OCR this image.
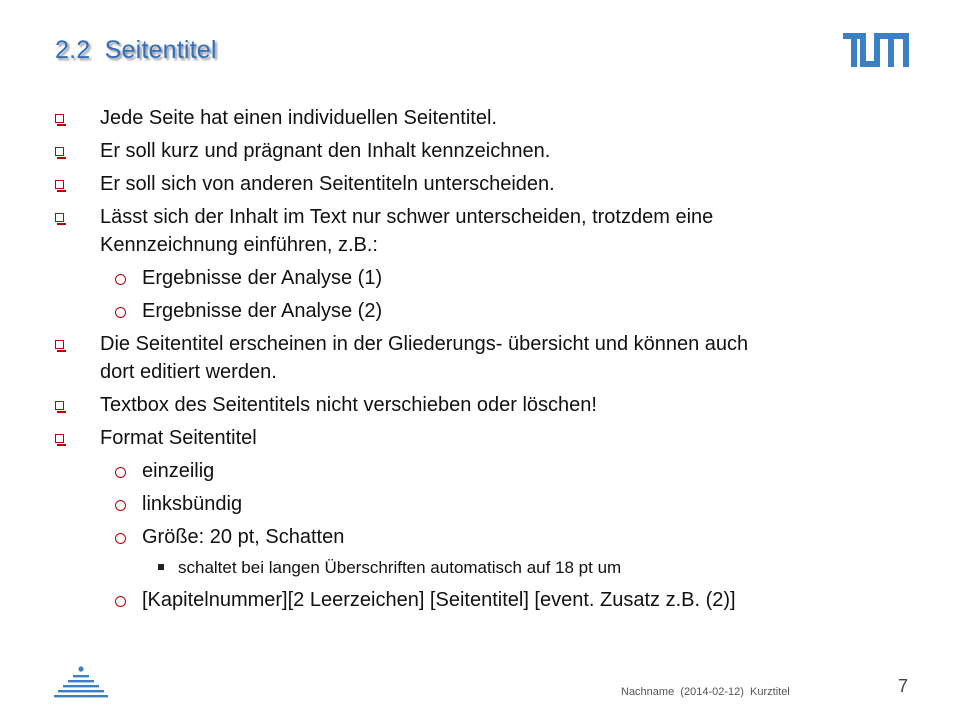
2.2  Seitentitel
Jede Seite hat einen individuellen Seitentitel.
Er soll kurz und prägnant den Inhalt kennzeichnen.
Er soll sich von anderen Seitentiteln unterscheiden.
Lässt sich der Inhalt im Text nur schwer unterscheiden, trotzdem eine
Kennzeichnung einführen, z.B.:
Ergebnisse der Analyse (1)
Ergebnisse der Analyse (2)
Die Seitentitel erscheinen in der Gliederungs- übersicht und können auch
dort editiert werden.
Textbox des Seitentitels nicht verschieben oder löschen!
Format Seitentitel
einzeilig
linksbündig
Größe: 20 pt, Schatten
schaltet bei langen Überschriften automatisch auf 18 pt um
[Kapitelnummer][2 Leerzeichen] [Seitentitel] [event. Zusatz z.B. (2)]
Nachname  (2014-02-12)  Kurztitel	7
